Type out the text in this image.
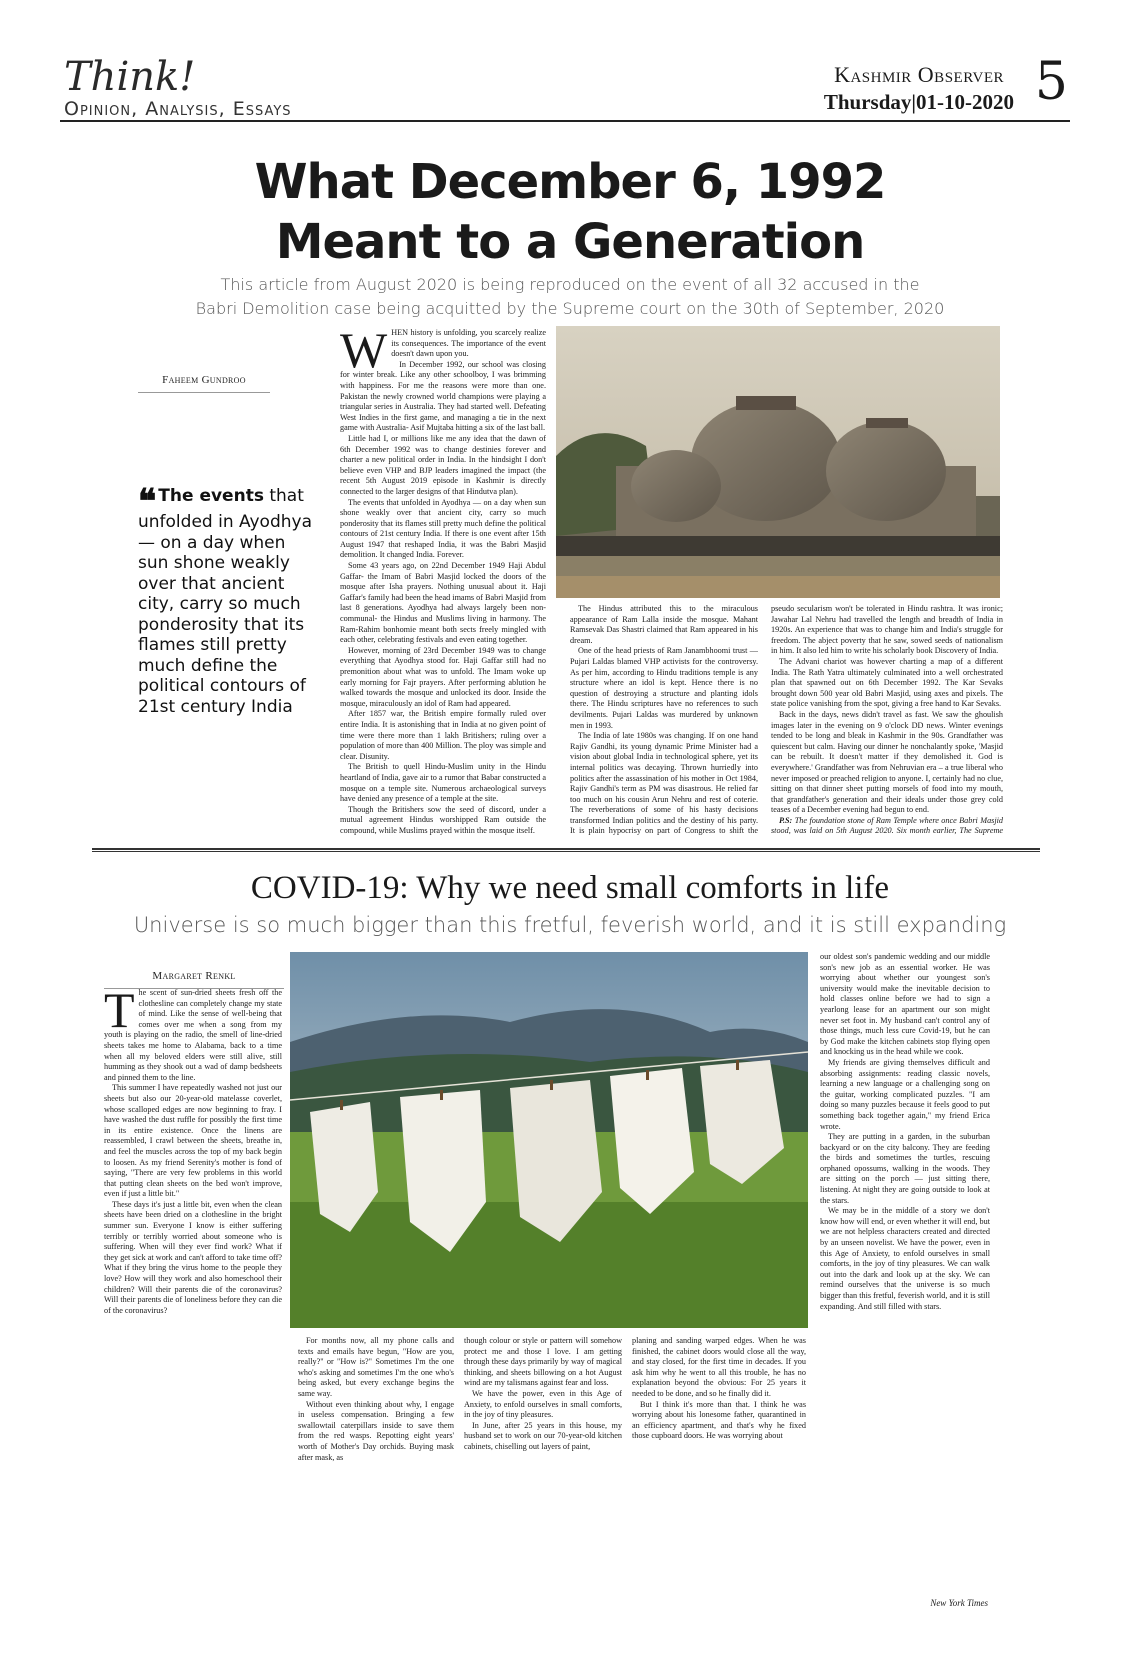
Think!
Opinion, Analysis, Essays
Kashmir Observer
Thursday|01-10-2020 5
What December 6, 1992
Meant to a Generation
This article from August 2020 is being reproduced on the event of all 32 accused in the
Babri Demolition case being acquitted by the Supreme court on the 30th of September, 2020
Faheem Gundroo
❝ The events that unfolded in Ayodhya — on a day when sun shone weakly over that ancient city, carry so much ponderosity that its flames still pretty much define the political contours of 21st century India
W HEN history is unfolding, you scarcely realize its consequences. The importance of the event doesn't dawn upon you.

In December 1992, our school was closing for winter break. Like any other schoolboy, I was brimming with happiness. For me the reasons were more than one. Pakistan the newly crowned world champions were playing a triangular series in Australia. They had started well. Defeating West Indies in the first game, and managing a tie in the next game with Australia- Asif Mujtaba hitting a six of the last ball.

Little had I, or millions like me any idea that the dawn of 6th December 1992 was to change destinies forever and charter a new political order in India. In the hindsight I don't believe even VHP and BJP leaders imagined the impact (the recent 5th August 2019 episode in Kashmir is directly connected to the larger designs of that Hindutva plan).

The events that unfolded in Ayodhya — on a day when sun shone weakly over that ancient city, carry so much ponderosity that its flames still pretty much define the political contours of 21st century India. If there is one event after 15th August 1947 that reshaped India, it was the Babri Masjid demolition. It changed India. Forever.

Some 43 years ago, on 22nd December 1949 Haji Abdul Gaffar- the Imam of Babri Masjid locked the doors of the mosque after Isha prayers. Nothing unusual about it. Haji Gaffar's family had been the head imams of Babri Masjid from last 8 generations. Ayodhya had always largely been non-communal- the Hindus and Muslims living in harmony. The Ram-Rahim bonhomie meant both sects freely mingled with each other, celebrating festivals and even eating together.

However, morning of 23rd December 1949 was to change everything that Ayodhya stood for. Haji Gaffar still had no premonition about what was to unfold. The Imam woke up early morning for Fajr prayers. After performing ablution he walked towards the mosque and unlocked its door. Inside the mosque, miraculously an idol of Ram had appeared.

After 1857 war, the British empire formally ruled over entire India. It is astonishing that in India at no given point of time were there more than 1 lakh Britishers; ruling over a population of more than 400 Million. The ploy was simple and clear. Disunity.

The British to quell Hindu-Muslim unity in the Hindu heartland of India, gave air to a rumor that Babar constructed a mosque on a temple site. Numerous archaeological surveys have denied any presence of a temple at the site.

Though the Britishers sow the seed of discord, under a mutual agreement Hindus worshipped Ram outside the compound, while Muslims prayed within the mosque itself.

The Hindus attributed this to the miraculous appearance of Ram Lalla inside the mosque. Mahant Ramsevak Das Shastri claimed that Ram appeared in his dream.

One of the head priests of Ram Janambhoomi trust — Pujari Laldas blamed VHP activists for the controversy. As per him, according to Hindu traditions temple is any structure where an idol is kept. Hence there is no question of destroying a structure and planting idols there. The Hindu scriptures have no references to such devilments. Pujari Laldas was murdered by unknown men in 1993.

The India of late 1980s was changing. If on one hand Rajiv Gandhi, its young dynamic Prime Minister had a vision about global India in technological sphere, yet its internal politics was decaying. Thrown hurriedly into politics after the assassination of his mother in Oct 1984, Rajiv Gandhi's term as PM was disastrous. He relied far too much on his cousin Arun Nehru and rest of coterie. The reverberations of some of his hasty decisions transformed Indian politics and the destiny of his party. It is plain hypocrisy on part of Congress to shift the

pseudo secularism won't be tolerated in Hindu rashtra. It was ironic; Jawahar Lal Nehru had travelled the length and breadth of India in 1920s. An experience that was to change him and India's struggle for freedom. The abject poverty that he saw, sowed seeds of nationalism in him. It also led him to write his scholarly book Discovery of India.

The Advani chariot was however charting a map of a different India. The Rath Yatra ultimately culminated into a well orchestrated plan that spawned out on 6th December 1992. The Kar Sevaks brought down 500 year old Babri Masjid, using axes and pixels. The state police vanishing from the spot, giving a free hand to Kar Sevaks.

Back in the days, news didn't travel as fast. We saw the ghoulish images later in the evening on 9 o'clock DD news. Winter evenings tended to be long and bleak in Kashmir in the 90s. Grandfather was quiescent but calm. Having our dinner he nonchalantly spoke, 'Masjid can be rebuilt. It doesn't matter if they demolished it. God is everywhere.' Grandfather was from Nehruvian era – a true liberal who never imposed or preached religion to anyone. I, certainly had no clue, sitting on that dinner sheet putting morsels of food into my mouth, that grandfather's generation and their ideals under those grey cold teases of a December evening had begun to end.

P.S: The foundation stone of Ram Temple where once Babri Masjid stood, was laid on 5th August 2020. Six month earlier, The Supreme

COVID-19: Why we need small comforts in life
Universe is so much bigger than this fretful, feverish world, and it is still expanding
Margaret Renkl
T he scent of sun-dried sheets fresh off the clothesline can completely change my state of mind. Like the sense of well-being that comes over me when a song from my youth is playing on the radio, the smell of line-dried sheets takes me home to Alabama, back to a time when all my beloved elders were still alive, still humming as they shook out a wad of damp bedsheets and pinned them to the line.

This summer I have repeatedly washed not just our sheets but also our 20-year-old matelasse coverlet, whose scalloped edges are now beginning to fray. I have washed the dust ruffle for possibly the first time in its entire existence. Once the linens are reassembled, I crawl between the sheets, breathe in, and feel the muscles across the top of my back begin to loosen. As my friend Serenity's mother is fond of saying, "There are very few problems in this world that putting clean sheets on the bed won't improve, even if just a little bit."

These days it's just a little bit, even when the clean sheets have been dried on a clothesline in the bright summer sun. Everyone I know is either suffering terribly or terribly worried about someone who is suffering. When will they ever find work? What if they get sick at work and can't afford to take time off? What if they bring the virus home to the people they love? How will they work and also homeschool their children? Will their parents die of the coronavirus? Will their parents die of loneliness before they can die of the coronavirus?

For months now, all my phone calls and texts and emails have begun, "How are you, really?" or "How is?" Sometimes I'm the one who's asking and sometimes I'm the one who's being asked, but every exchange begins the same way.

Without even thinking about why, I engage in useless compensation. Bringing a few swallowtail caterpillars inside to save them from the red wasps. Repotting eight years' worth of Mother's Day orchids. Buying mask after mask, as

though colour or style or pattern will somehow protect me and those I love. I am getting through these days primarily by way of magical thinking, and sheets billowing on a hot August wind are my talismans against fear and loss.

We have the power, even in this Age of Anxiety, to enfold ourselves in small comforts, in the joy of tiny pleasures.

In June, after 25 years in this house, my husband set to work on our 70-year-old kitchen cabinets, chiselling out layers of paint,

planing and sanding warped edges. When he was finished, the cabinet doors would close all the way, and stay closed, for the first time in decades. If you ask him why he went to all this trouble, he has no explanation beyond the obvious: For 25 years it needed to be done, and so he finally did it.

But I think it's more than that. I think he was worrying about his lonesome father, quarantined in an efficiency apartment, and that's why he fixed those cupboard doors. He was worrying about

our oldest son's pandemic wedding and our middle son's new job as an essential worker. He was worrying about whether our youngest son's university would make the inevitable decision to hold classes online before we had to sign a yearlong lease for an apartment our son might never set foot in. My husband can't control any of those things, much less cure Covid-19, but he can by God make the kitchen cabinets stop flying open and knocking us in the head while we cook.

My friends are giving themselves difficult and absorbing assignments: reading classic novels, learning a new language or a challenging song on the guitar, working complicated puzzles. "I am doing so many puzzles because it feels good to put something back together again," my friend Erica wrote.

They are putting in a garden, in the suburban backyard or on the city balcony. They are feeding the birds and sometimes the turtles, rescuing orphaned opossums, walking in the woods. They are sitting on the porch — just sitting there, listening. At night they are going outside to look at the stars.

We may be in the middle of a story we don't know how will end, or even whether it will end, but we are not helpless characters created and directed by an unseen novelist. We have the power, even in this Age of Anxiety, to enfold ourselves in small comforts, in the joy of tiny pleasures. We can walk out into the dark and look up at the sky. We can remind ourselves that the universe is so much bigger than this fretful, feverish world, and it is still expanding. And still filled with stars.

New York Times
